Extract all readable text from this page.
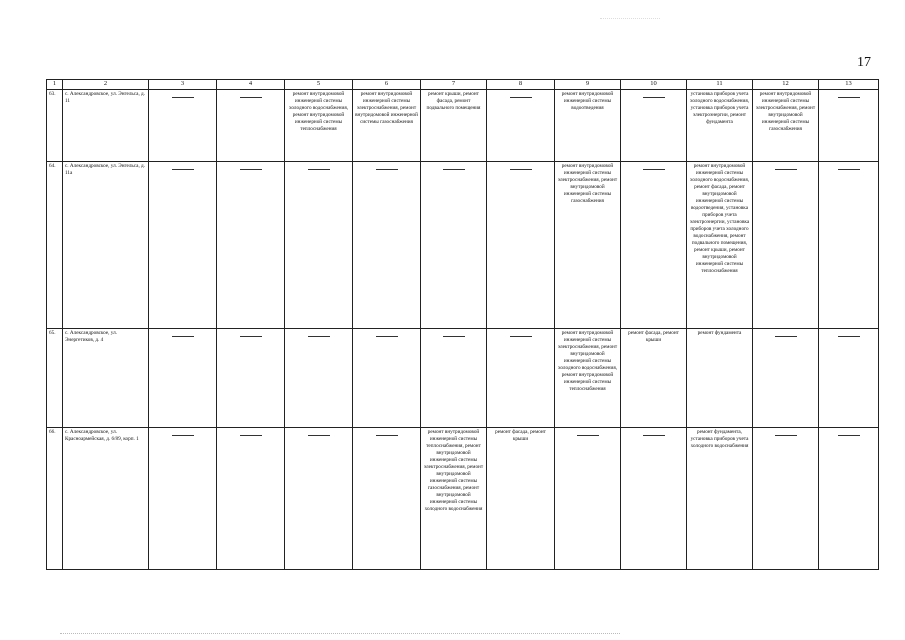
17
1	2	3	4	5	6	7	8	9	10	11	12	13
63.	с. Александровское, ул. Энгельса, д. 11			ремонт внутридомовой инженерной системы холодного водоснабжения, ремонт внутридомовой инженерной системы теплоснабжения	ремонт внутридомовой инженерной системы электроснабжения, ремонт внутридомовой инженерной системы газоснабжения	ремонт крыши, ремонт фасада, ремонт подвального помещения		ремонт внутридомовой инженерной системы водоотведения		установка приборов учета холодного водоснабжения, установка приборов учета электроэнергии, ремонт фундамента	ремонт внутридомовой инженерной системы электроснабжения, ремонт внутридомовой инженерной системы газоснабжения	
64.	с. Александровское, ул. Энгельса, д. 11а							ремонт внутридомовой инженерной системы электроснабжения, ремонт внутридомовой инженерной системы газоснабжения		ремонт внутридомовой инженерной системы холодного водоснабжения, ремонт фасада, ремонт внутридомовой инженерной системы водоотведения, установка приборов учета электроэнергии, установка приборов учета холодного водоснабжения, ремонт подвального помещения, ремонт крыши, ремонт внутридомовой инженерной системы теплоснабжения		
65.	с. Александровское, ул. Энергетиков, д. 4							ремонт внутридомовой инженерной системы электроснабжения, ремонт внутридомовой инженерной системы холодного водоснабжения, ремонт внутридомовой инженерной системы теплоснабжения	ремонт фасада, ремонт крыши	ремонт фундамента		
66.	с. Александровское, ул. Красноармейская, д. 6/89, корп. 1					ремонт внутридомовой инженерной системы теплоснабжения, ремонт внутридомовой инженерной системы электроснабжения, ремонт внутридомовой инженерной системы газоснабжения, ремонт внутридомовой инженерной системы холодного водоснабжения	ремонт фасада, ремонт крыши			ремонт фундамента, установка приборов учета холодного водоснабжения		
